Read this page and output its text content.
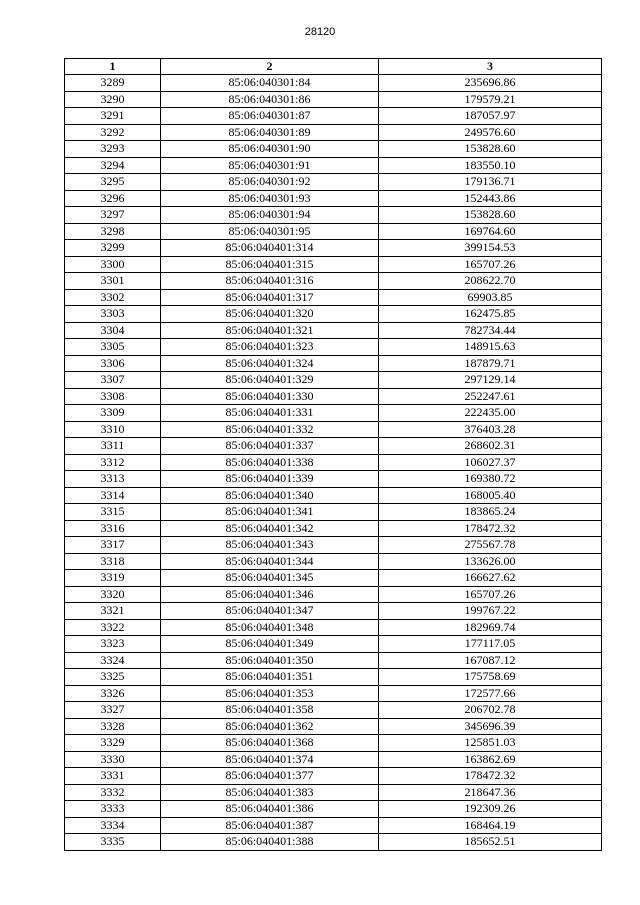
28120
1	2	3
3289	85:06:040301:84	235696.86
3290	85:06:040301:86	179579.21
3291	85:06:040301:87	187057.97
3292	85:06:040301:89	249576.60
3293	85:06:040301:90	153828.60
3294	85:06:040301:91	183550.10
3295	85:06:040301:92	179136.71
3296	85:06:040301:93	152443.86
3297	85:06:040301:94	153828.60
3298	85:06:040301:95	169764.60
3299	85:06:040401:314	399154.53
3300	85:06:040401:315	165707.26
3301	85:06:040401:316	208622.70
3302	85:06:040401:317	69903.85
3303	85:06:040401:320	162475.85
3304	85:06:040401:321	782734.44
3305	85:06:040401:323	148915.63
3306	85:06:040401:324	187879.71
3307	85:06:040401:329	297129.14
3308	85:06:040401:330	252247.61
3309	85:06:040401:331	222435.00
3310	85:06:040401:332	376403.28
3311	85:06:040401:337	268602.31
3312	85:06:040401:338	106027.37
3313	85:06:040401:339	169380.72
3314	85:06:040401:340	168005.40
3315	85:06:040401:341	183865.24
3316	85:06:040401:342	178472.32
3317	85:06:040401:343	275567.78
3318	85:06:040401:344	133626.00
3319	85:06:040401:345	166627.62
3320	85:06:040401:346	165707.26
3321	85:06:040401:347	199767.22
3322	85:06:040401:348	182969.74
3323	85:06:040401:349	177117.05
3324	85:06:040401:350	167087.12
3325	85:06:040401:351	175758.69
3326	85:06:040401:353	172577.66
3327	85:06:040401:358	206702.78
3328	85:06:040401:362	345696.39
3329	85:06:040401:368	125851.03
3330	85:06:040401:374	163862.69
3331	85:06:040401:377	178472.32
3332	85:06:040401:383	218647.36
3333	85:06:040401:386	192309.26
3334	85:06:040401:387	168464.19
3335	85:06:040401:388	185652.51
